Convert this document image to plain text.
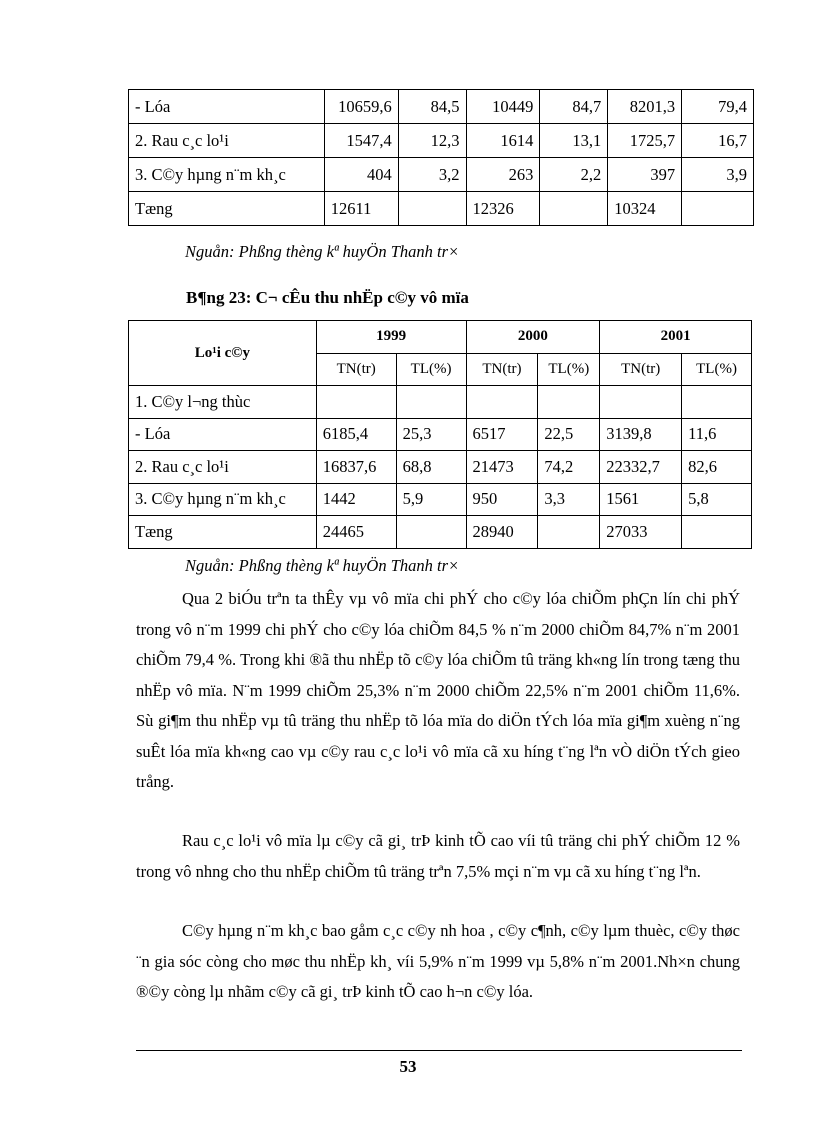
- Lóa	10659,6	84,5	10449	84,7	8201,3	79,4
2. Rau c¸c lo¹i	1547,4	12,3	1614	13,1	1725,7	16,7
3. C©y hµng n¨m kh¸c	404	3,2	263	2,2	397	3,9
Tæng	12611		12326		10324	
Nguån: Phßng thèng kª huyÖn Thanh tr×
B¶ng 23: C¬ cÊu thu nhËp c©y vô mïa
Lo¹i c©y	1999		2000		2001	
	TN(tr)	TL(%)	TN(tr)	TL(%)	TN(tr)	TL(%)
1. C©y l¬ng thùc						
- Lóa	6185,4	25,3	6517	22,5	3139,8	11,6
2. Rau c¸c lo¹i	16837,6	68,8	21473	74,2	22332,7	82,6
3. C©y hµng n¨m kh¸c	1442	5,9	950	3,3	1561	5,8
Tæng	24465		28940		27033	
Nguån: Phßng thèng kª huyÖn Thanh tr×

Qua 2 biÓu trªn ta thÊy vµ vô mïa chi phÝ cho c©y lóa chiÕm phÇn lín chi phÝ trong vô n¨m 1999 chi phÝ cho c©y lóa chiÕm 84,5 % n¨m 2000 chiÕm 84,7% n¨m 2001 chiÕm 79,4 %. Trong khi ®ã thu nhËp tõ c©y lóa chiÕm tû träng kh«ng lín trong tæng thu nhËp vô mïa. N¨m 1999 chiÕm 25,3% n¨m 2000 chiÕm 22,5% n¨m 2001 chiÕm 11,6%. Sù gi¶m thu nhËp vµ tû träng thu nhËp tõ lóa mïa do diÖn tÝch lóa mïa gi¶m xuèng n¨ng suÊt lóa mïa kh«ng cao vµ c©y rau c¸c lo¹i vô mïa cã xu híng t¨ng lªn vÒ diÖn tÝch gieo trång.

Rau c¸c lo¹i vô mïa lµ c©y cã gi¸ trÞ kinh tÕ cao víi tû träng chi phÝ chiÕm 12 % trong vô nhng cho thu nhËp chiÕm tû träng trªn 7,5% mçi n¨m vµ cã xu híng t¨ng lªn.

C©y hµng n¨m kh¸c bao gåm c¸c c©y nh hoa , c©y c¶nh, c©y lµm thuèc, c©y thøc ¨n gia sóc còng cho møc thu nhËp kh¸ víi 5,9% n¨m 1999 vµ 5,8% n¨m 2001.Nh×n chung ®©y còng lµ nhãm c©y cã gi¸ trÞ kinh tÕ cao h¬n c©y lóa.

53
